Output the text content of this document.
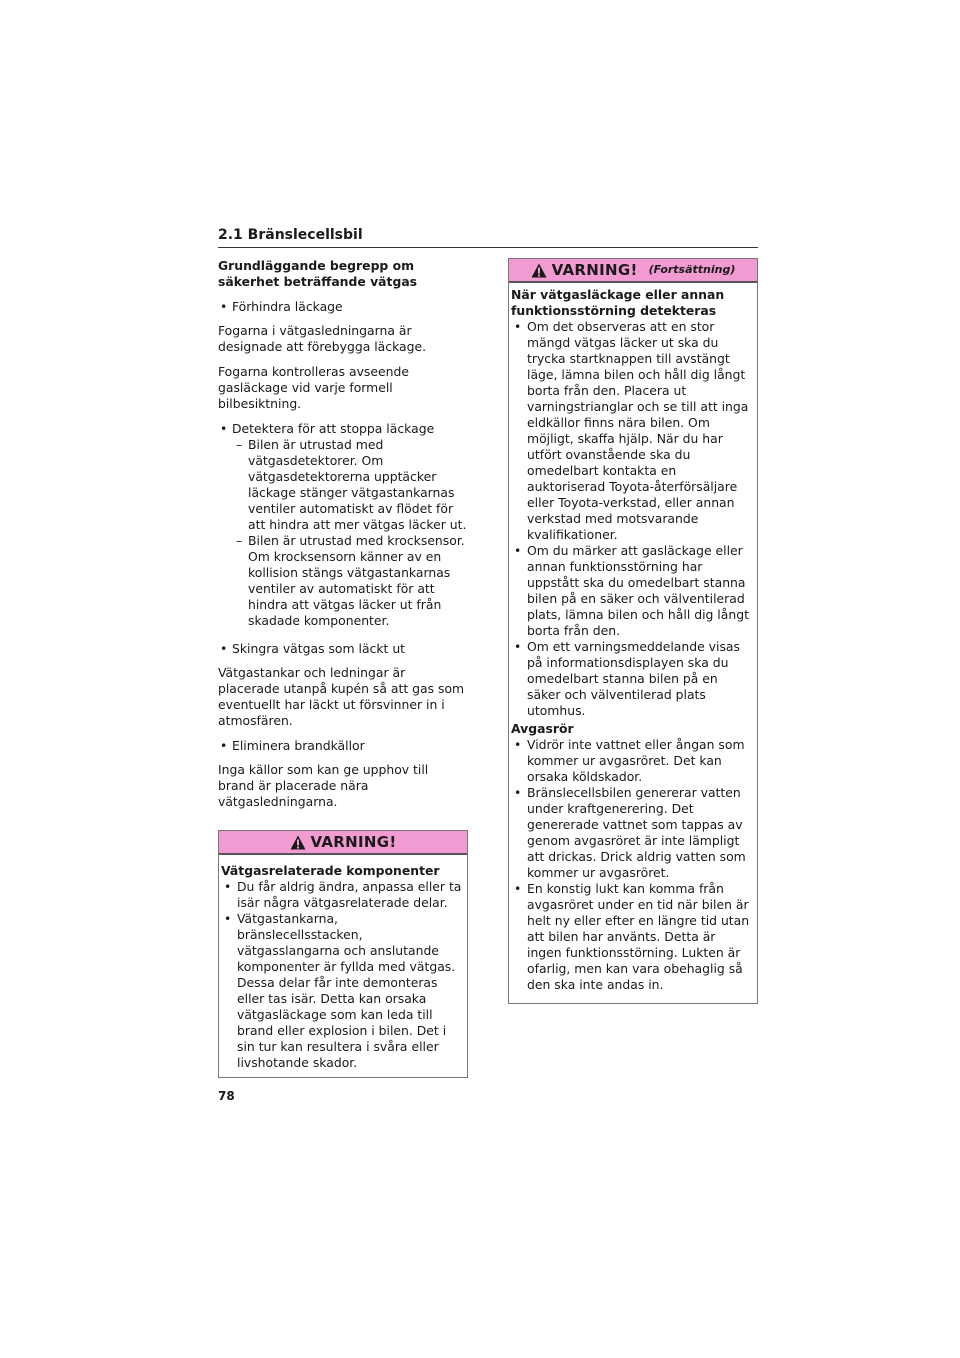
2.1 Bränslecellsbil

Grundläggande begrepp om säkerhet beträffande vätgas

• Förhindra läckage

Fogarna i vätgasledningarna är designade att förebygga läckage.

Fogarna kontrolleras avseende gasläckage vid varje formell bilbesiktning.

• Detektera för att stoppa läckage

– Bilen är utrustad med vätgasdetektorer. Om vätgasdetektorerna upptäcker läckage stänger vätgastankarnas ventiler automatiskt av flödet för att hindra att mer vätgas läcker ut.

– Bilen är utrustad med krocksensor. Om krocksensorn känner av en kollision stängs vätgastankarnas ventiler av automatiskt för att hindra att vätgas läcker ut från skadade komponenter.

• Skingra vätgas som läckt ut

Vätgastankar och ledningar är placerade utanpå kupén så att gas som eventuellt har läckt ut försvinner in i atmosfären.

• Eliminera brandkällor

Inga källor som kan ge upphov till brand är placerade nära vätgasledningarna.

VARNING!

Vätgasrelaterade komponenter

• Du får aldrig ändra, anpassa eller ta isär några vätgasrelaterade delar.

• Vätgastankarna, bränslecellsstacken, vätgasslangarna och anslutande komponenter är fyllda med vätgas. Dessa delar får inte demonteras eller tas isär. Detta kan orsaka vätgasläckage som kan leda till brand eller explosion i bilen. Det i sin tur kan resultera i svåra eller livshotande skador.

VARNING! (Fortsättning)

När vätgasläckage eller annan funktionsstörning detekteras

• Om det observeras att en stor mängd vätgas läcker ut ska du trycka startknappen till avstängt läge, lämna bilen och håll dig långt borta från den. Placera ut varningstrianglar och se till att inga eldkällor finns nära bilen. Om möjligt, skaffa hjälp. När du har utfört ovanstående ska du omedelbart kontakta en auktoriserad Toyota-återförsäljare eller Toyota-verkstad, eller annan verkstad med motsvarande kvalifikationer.

• Om du märker att gasläckage eller annan funktionsstörning har uppstått ska du omedelbart stanna bilen på en säker och välventilerad plats, lämna bilen och håll dig långt borta från den.

• Om ett varningsmeddelande visas på informationsdisplayen ska du omedelbart stanna bilen på en säker och välventilerad plats utomhus.

Avgasrör

• Vidrör inte vattnet eller ångan som kommer ur avgasröret. Det kan orsaka köldskador.

• Bränslecellsbilen genererar vatten under kraftgenerering. Det genererade vattnet som tappas av genom avgasröret är inte lämpligt att drickas. Drick aldrig vatten som kommer ur avgasröret.

• En konstig lukt kan komma från avgasröret under en tid när bilen är helt ny eller efter en längre tid utan att bilen har använts. Detta är ingen funktionsstörning. Lukten är ofarlig, men kan vara obehaglig så den ska inte andas in.

78
